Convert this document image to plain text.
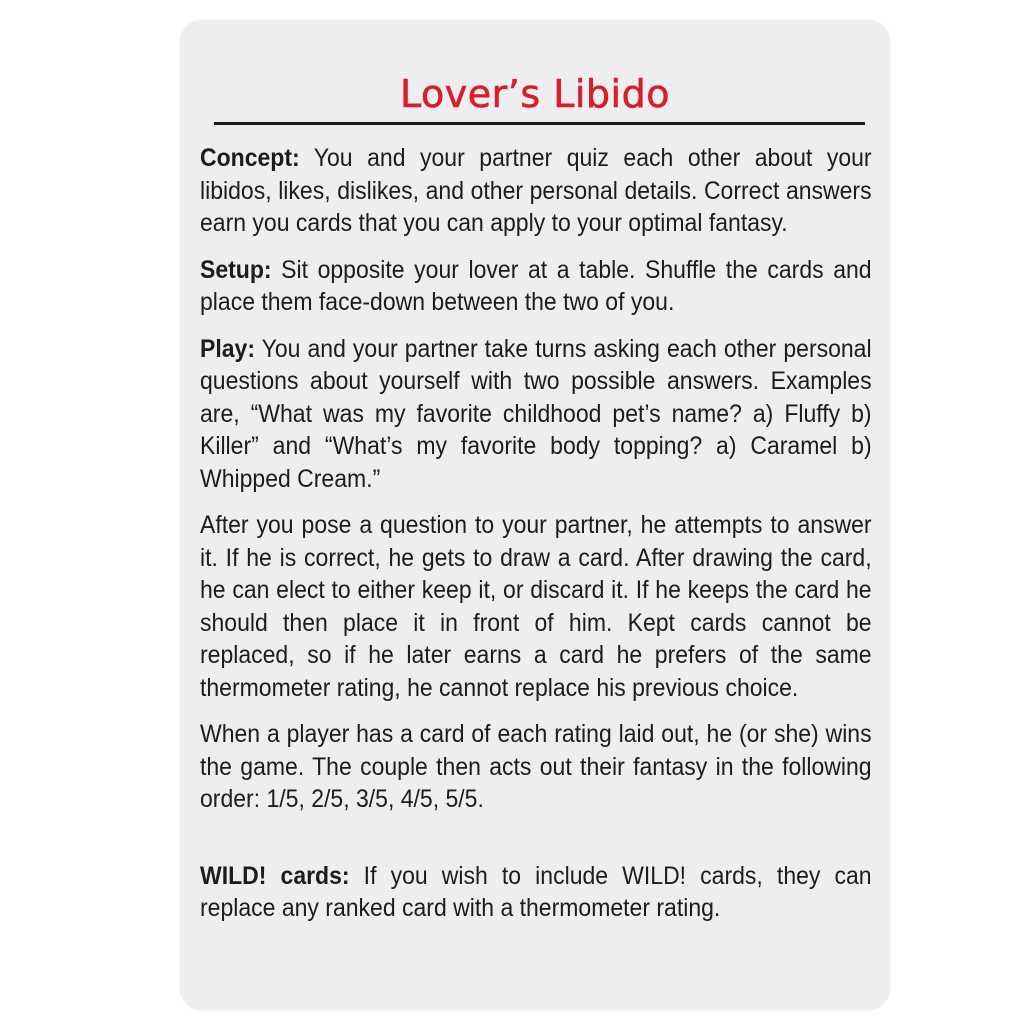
Lover’s Libido

Concept: You and your partner quiz each other about your libidos, likes, dislikes, and other personal details. Correct answers earn you cards that you can apply to your optimal fantasy.

Setup: Sit opposite your lover at a table. Shuffle the cards and place them face-down between the two of you.

Play: You and your partner take turns asking each other personal questions about yourself with two possible answers. Examples are, “What was my favorite childhood pet’s name? a) Fluffy b) Killer” and “What’s my favorite body topping? a) Caramel b) Whipped Cream.”

After you pose a question to your partner, he attempts to answer it. If he is correct, he gets to draw a card. After drawing the card, he can elect to either keep it, or discard it. If he keeps the card he should then place it in front of him. Kept cards cannot be replaced, so if he later earns a card he prefers of the same thermometer rating, he cannot replace his previous choice.

When a player has a card of each rating laid out, he (or she) wins the game. The couple then acts out their fantasy in the following order: 1/5, 2/5, 3/5, 4/5, 5/5.

WILD! cards: If you wish to include WILD! cards, they can replace any ranked card with a thermometer rating.
